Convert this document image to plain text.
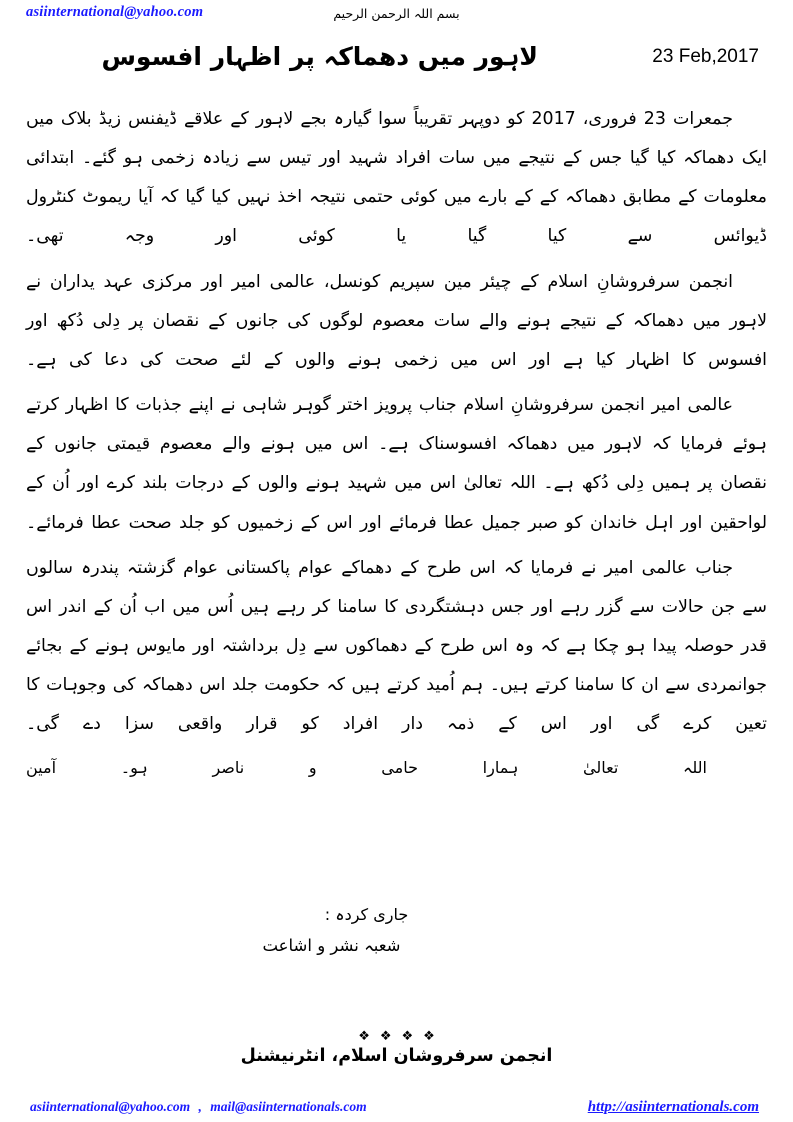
asiinternational@yahoo.com	بسم اللہ الرحمن الرحیم
لاہور میں دھماکہ پر اظہار افسوس	23 Feb,2017

جمعرات 23 فروری، 2017 کو دوپہر تقریباً سوا گیارہ بجے لاہور کے علاقے ڈیفنس زیڈ بلاک میں ایک دھماکہ کیا گیا جس کے نتیجے میں سات افراد شہید اور تیس سے زیادہ زخمی ہو گئے۔ ابتدائی معلومات کے مطابق دھماکہ کے کے بارے میں کوئی حتمی نتیجہ اخذ نہیں کیا گیا کہ آیا ریموٹ کنٹرول ڈیوائس سے کیا گیا یا کوئی اور وجہ تھی۔

انجمن سرفروشانِ اسلام کے چیئر مین سپریم کونسل، عالمی امیر اور مرکزی عہد یداران نے لاہور میں دھماکہ کے نتیجے ہونے والے سات معصوم لوگوں کی جانوں کے نقصان پر دِلی دُکھ اور افسوس کا اظہار کیا ہے اور اس میں زخمی ہونے والوں کے لئے صحت کی دعا کی ہے۔

عالمی امیر انجمن سرفروشانِ اسلام جناب پرویز اختر گوہر شاہی نے اپنے جذبات کا اظہار کرتے ہوئے فرمایا کہ لاہور میں دھماکہ افسوسناک ہے۔ اس میں ہونے والے معصوم قیمتی جانوں کے نقصان پر ہمیں دِلی دُکھ ہے۔ اللہ تعالیٰ اس میں شہید ہونے والوں کے درجات بلند کرے اور اُن کے لواحقین اور اہل خاندان کو صبر جمیل عطا فرمائے اور اس کے زخمیوں کو جلد صحت عطا فرمائے۔

جناب عالمی امیر نے فرمایا کہ اس طرح کے دھماکے عوام پاکستانی عوام گزشتہ پندرہ سالوں سے جن حالات سے گزر رہے اور جس دہشتگردی کا سامنا کر رہے ہیں اُس میں اب اُن کے اندر اس قدر حوصلہ پیدا ہو چکا ہے کہ وہ اس طرح کے دھماکوں سے دِل برداشتہ اور مایوس ہونے کے بجائے جوانمردی سے ان کا سامنا کرتے ہیں۔ ہم اُمید کرتے ہیں کہ حکومت جلد اس دھماکہ کی وجوہات کا تعین کرے گی اور اس کے ذمہ دار افراد کو قرار واقعی سزا دے گی۔

اللہ تعالیٰ ہمارا حامی و ناصر ہو۔ آمین

جاری کردہ :
شعبہ نشر و اشاعت
❖ ❖ ❖ ❖
انجمن سرفروشان اسلام، انٹرنیشنل
asiinternational@yahoo.com , mail@asiinternationals.com	http://asiinternationals.com
